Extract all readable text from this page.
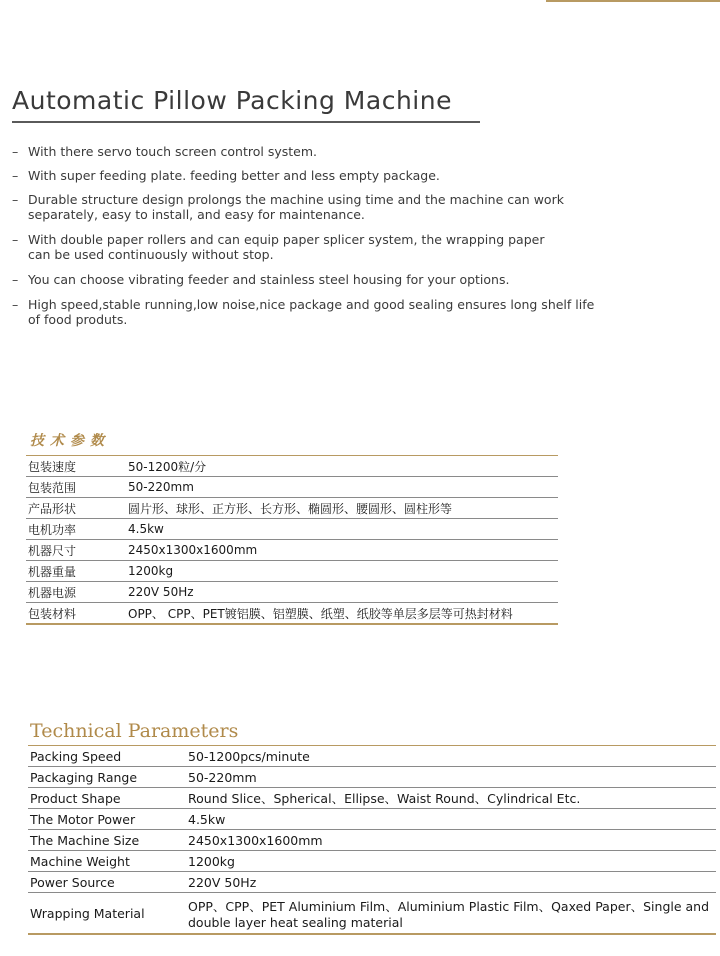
Automatic Pillow Packing Machine
– With there servo touch screen control system.
– With super feeding plate. feeding better and less empty package.
– Durable structure design prolongs the machine using time and the machine can work separately, easy to install, and easy for maintenance.
– With double paper rollers and can equip paper splicer system, the wrapping paper can be used continuously without stop.
– You can choose vibrating feeder and stainless steel housing for your options.
– High speed,stable running,low noise,nice package and good sealing ensures long shelf life of food produts.
技术参数
包装速度	50-1200粒/分
包装范围	50-220mm
产品形状	圆片形、球形、正方形、长方形、椭圆形、腰圆形、圆柱形等
电机功率	4.5kw
机器尺寸	2450x1300x1600mm
机器重量	1200kg
机器电源	220V 50Hz
包装材料	OPP、 CPP、PET镀铝膜、铝塑膜、纸塑、纸胶等单层多层等可热封材料
Technical Parameters
Packing Speed	50-1200pcs/minute
Packaging Range	50-220mm
Product Shape	Round Slice、Spherical、Ellipse、Waist Round、Cylindrical Etc.
The Motor Power	4.5kw
The Machine Size	2450x1300x1600mm
Machine Weight	1200kg
Power Source	220V 50Hz
Wrapping Material	OPP、CPP、PET Aluminium Film、Aluminium Plastic Film、Qaxed Paper、Single and double layer heat sealing material
